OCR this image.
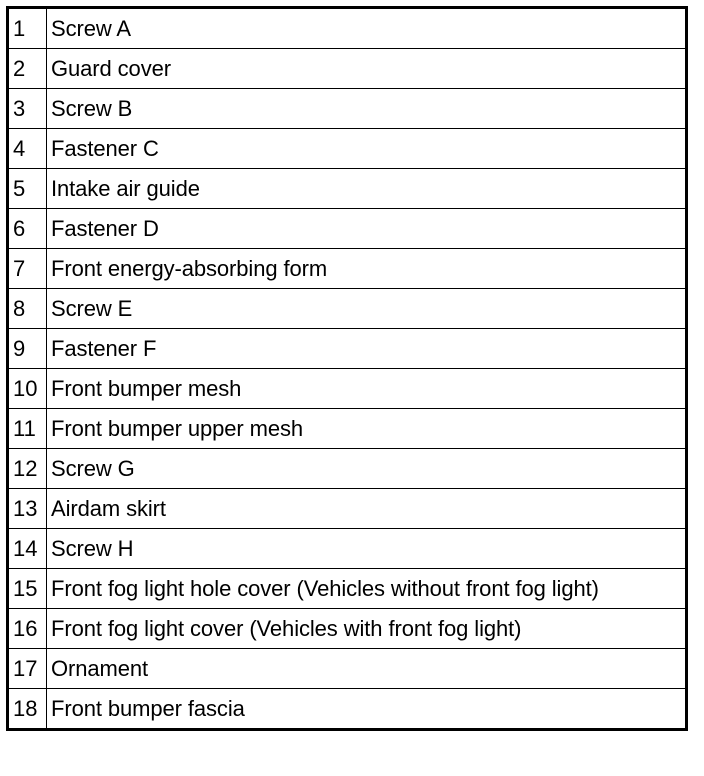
1	Screw A
2	Guard cover
3	Screw B
4	Fastener C
5	Intake air guide
6	Fastener D
7	Front energy-absorbing form
8	Screw E
9	Fastener F
10	Front bumper mesh
11	Front bumper upper mesh
12	Screw G
13	Airdam skirt
14	Screw H
15	Front fog light hole cover (Vehicles without front fog light)
16	Front fog light cover (Vehicles with front fog light)
17	Ornament
18	Front bumper fascia
